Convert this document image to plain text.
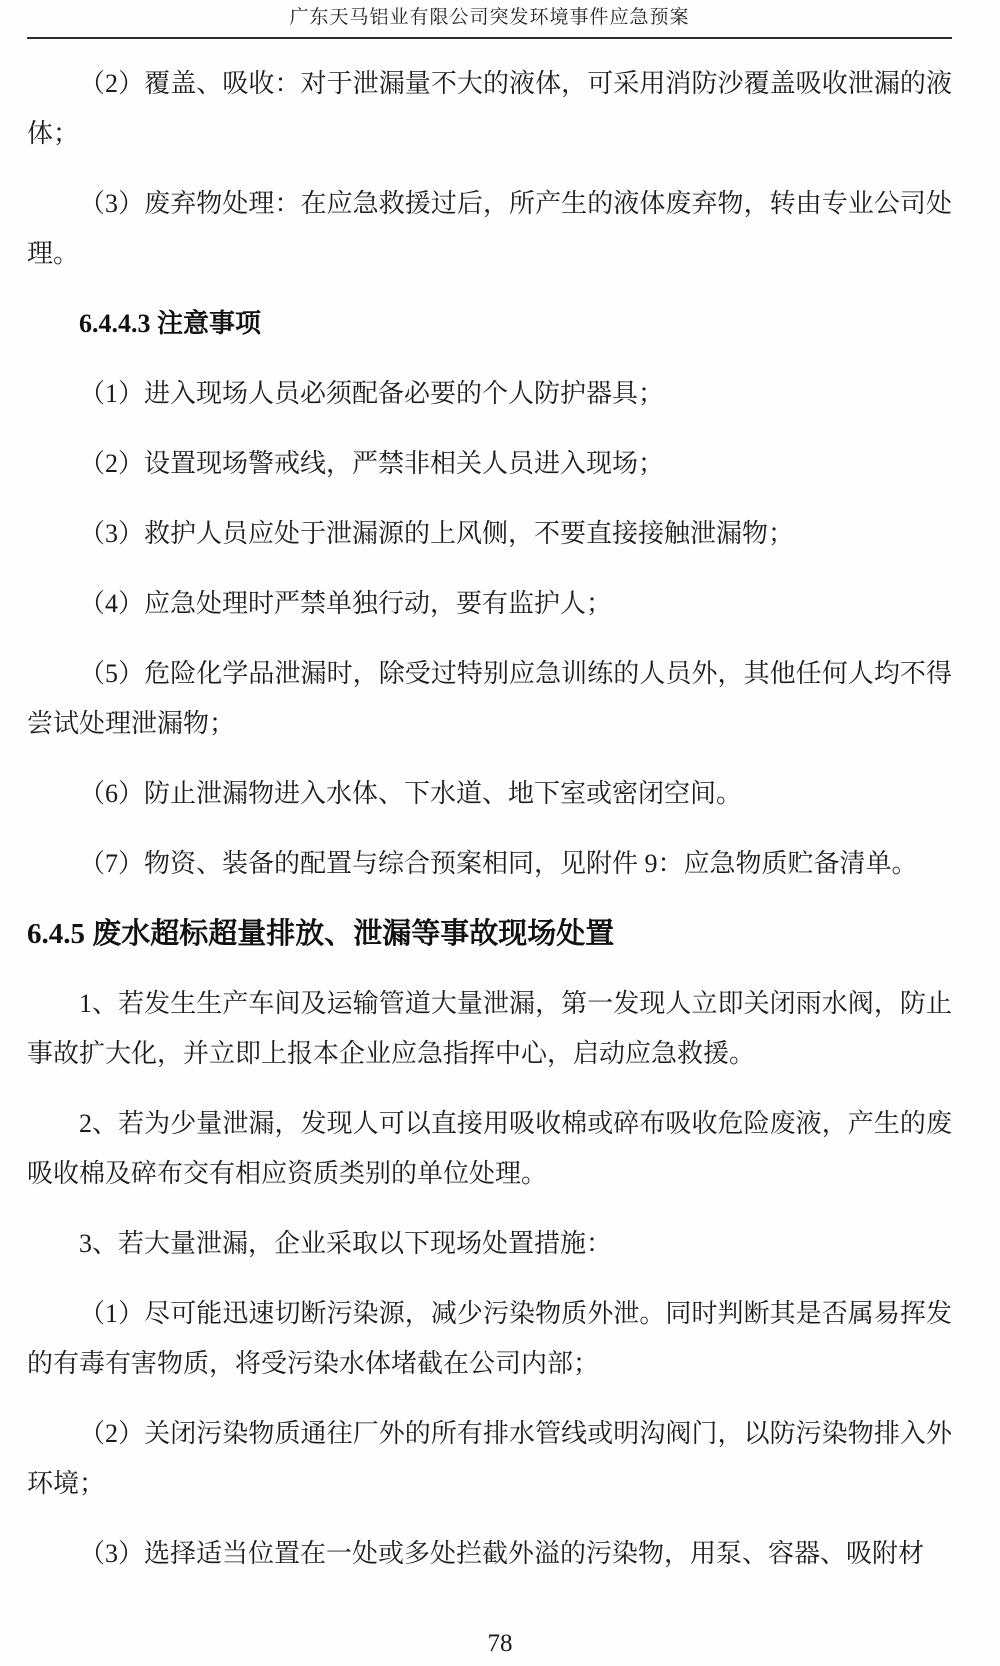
广东天马铝业有限公司突发环境事件应急预案

（2）覆盖、吸收：对于泄漏量不大的液体，可采用消防沙覆盖吸收泄漏的液体；

（3）废弃物处理：在应急救援过后，所产生的液体废弃物，转由专业公司处理。

6.4.4.3 注意事项

（1）进入现场人员必须配备必要的个人防护器具；

（2）设置现场警戒线，严禁非相关人员进入现场；

（3）救护人员应处于泄漏源的上风侧，不要直接接触泄漏物；

（4）应急处理时严禁单独行动，要有监护人；

（5）危险化学品泄漏时，除受过特别应急训练的人员外，其他任何人均不得尝试处理泄漏物；

（6）防止泄漏物进入水体、下水道、地下室或密闭空间。

（7）物资、装备的配置与综合预案相同，见附件 9：应急物质贮备清单。

6.4.5 废水超标超量排放、泄漏等事故现场处置

1、若发生生产车间及运输管道大量泄漏，第一发现人立即关闭雨水阀，防止事故扩大化，并立即上报本企业应急指挥中心，启动应急救援。

2、若为少量泄漏，发现人可以直接用吸收棉或碎布吸收危险废液，产生的废吸收棉及碎布交有相应资质类别的单位处理。

3、若大量泄漏，企业采取以下现场处置措施：

（1）尽可能迅速切断污染源，减少污染物质外泄。同时判断其是否属易挥发的有毒有害物质，将受污染水体堵截在公司内部；

（2）关闭污染物质通往厂外的所有排水管线或明沟阀门，以防污染物排入外环境；

（3）选择适当位置在一处或多处拦截外溢的污染物，用泵、容器、吸附材

78
